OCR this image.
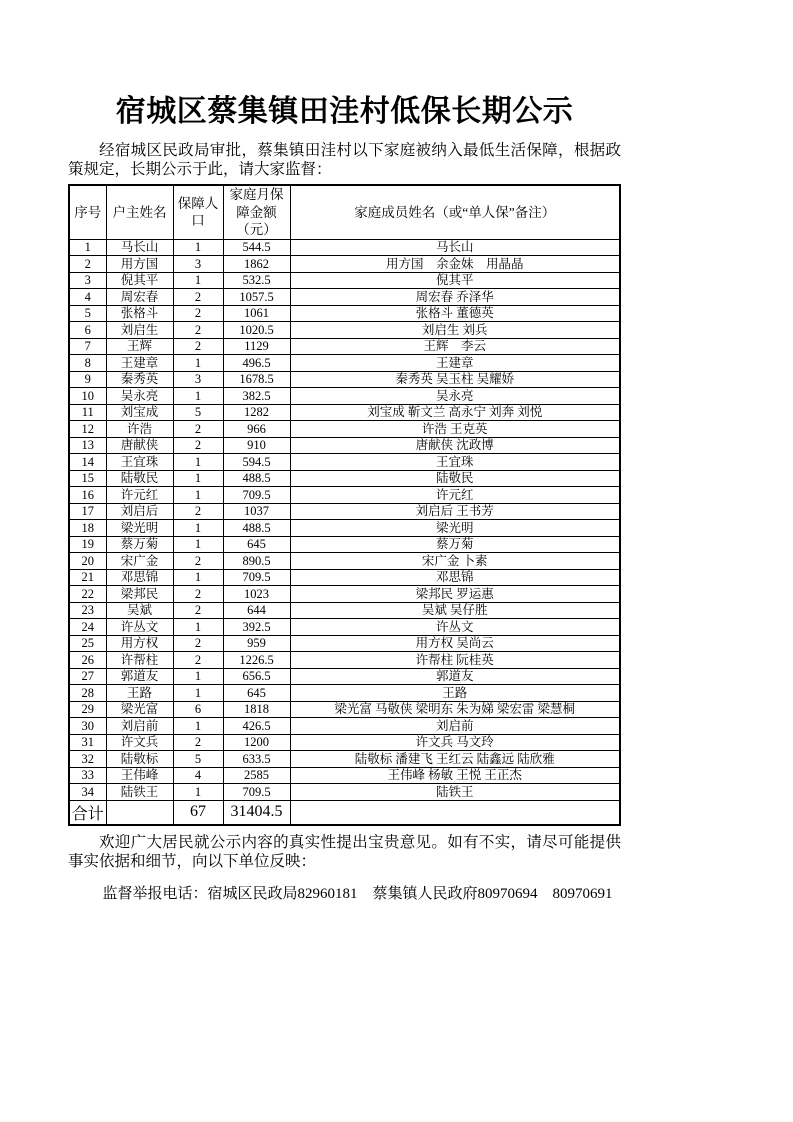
宿城区蔡集镇田洼村低保长期公示

经宿城区民政局审批，蔡集镇田洼村以下家庭被纳入最低生活保障，根据政策规定，长期公示于此，请大家监督：

序号	户主姓名	保障人口	家庭月保障金额（元）	家庭成员姓名（或“单人保”备注）
1	马长山	1	544.5	马长山
2	用方国	3	1862	用方国　余金妹　用晶晶
3	倪其平	1	532.5	倪其平
4	周宏春	2	1057.5	周宏春 乔泽华
5	张格斗	2	1061	张格斗 董德英
6	刘启生	2	1020.5	刘启生 刘兵
7	王辉	2	1129	王辉　李云
8	王建章	1	496.5	王建章
9	秦秀英	3	1678.5	秦秀英 吴玉柱 吴耀娇
10	吴永亮	1	382.5	吴永亮
11	刘宝成	5	1282	刘宝成 靳文兰 高永宁 刘奔 刘悦
12	许浩	2	966	许浩 王克英
13	唐献侠	2	910	唐献侠 沈政博
14	王宜珠	1	594.5	王宜珠
15	陆敬民	1	488.5	陆敬民
16	许元红	1	709.5	许元红
17	刘启后	2	1037	刘启后 王书芳
18	梁光明	1	488.5	梁光明
19	蔡万菊	1	645	蔡万菊
20	宋广金	2	890.5	宋广金 卜素
21	邓思锦	1	709.5	邓思锦
22	梁邦民	2	1023	梁邦民 罗运惠
23	吴斌	2	644	吴斌 吴仔胜
24	许丛文	1	392.5	许丛文
25	用方权	2	959	用方权 吴尚云
26	许帮柱	2	1226.5	许帮柱 阮桂英
27	郭道友	1	656.5	郭道友
28	王路	1	645	王路
29	梁光富	6	1818	梁光富 马敬侠 梁明东 朱为娣 梁宏雷 梁慧桐
30	刘启前	1	426.5	刘启前
31	许文兵	2	1200	许文兵 马文玲
32	陆敬标	5	633.5	陆敬标 潘建飞 王红云 陆鑫远 陆欣雅
33	王伟峰	4	2585	王伟峰 杨敏 王悦 王正杰
34	陆铁王	1	709.5	陆铁王
合计		67	31404.5	

欢迎广大居民就公示内容的真实性提出宝贵意见。如有不实，请尽可能提供事实依据和细节，向以下单位反映：

监督举报电话：宿城区民政局82960181　蔡集镇人民政府80970694　80970691
